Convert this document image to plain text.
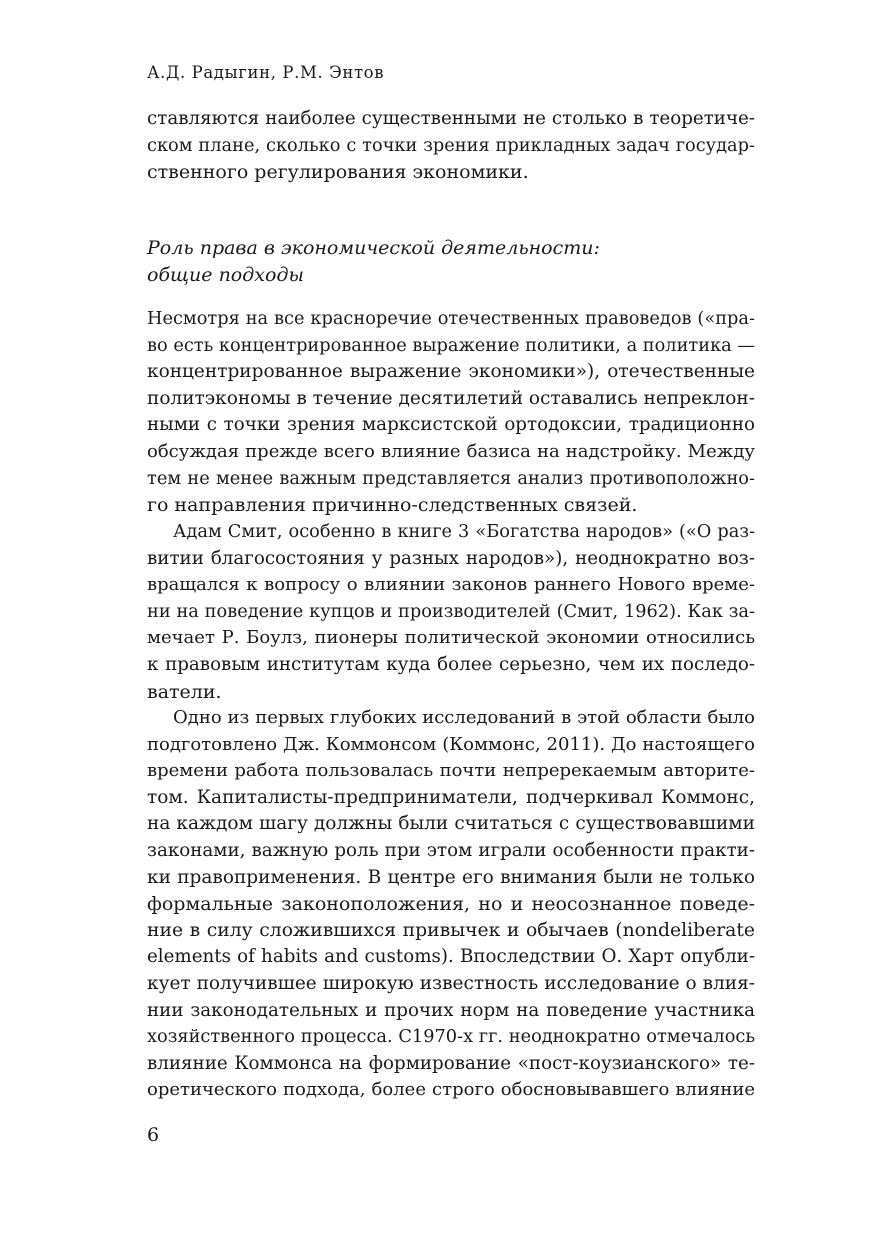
А.Д. Радыгин, Р.М. Энтов
ставляются наиболее существенными не столько в теоретиче-
ском плане, сколько с точки зрения прикладных задач государ-
ственного регулирования экономики.
Роль права в экономической деятельности:
общие подходы
Несмотря на все красноречие отечественных правоведов («пра-
во есть концентрированное выражение политики, а политика —
концентрированное выражение экономики»), отечественные
политэкономы в течение десятилетий оставались непреклон-
ными с точки зрения марксистской ортодоксии, традиционно
обсуждая прежде всего влияние базиса на надстройку. Между
тем не менее важным представляется анализ противоположно-
го направления причинно-следственных связей.
Адам Смит, особенно в книге 3 «Богатства народов» («О раз-
витии благосостояния у разных народов»), неоднократно воз-
вращался к вопросу о влиянии законов раннего Нового време-
ни на поведение купцов и производителей (Смит, 1962). Как за-
мечает Р. Боулз, пионеры политической экономии относились
к правовым институтам куда более серьезно, чем их последо-
ватели.
Одно из первых глубоких исследований в этой области было
подготовлено Дж. Коммонсом (Коммонс, 2011). До настоящего
времени работа пользовалась почти непререкаемым авторите-
том. Капиталисты-предприниматели, подчеркивал Коммонс,
на каждом шагу должны были считаться с существовавшими
законами, важную роль при этом играли особенности практи-
ки правоприменения. В центре его внимания были не только
формальные законоположения, но и неосознанное поведе-
ние в силу сложившихся привычек и обычаев (nondeliberate
elements of habits and customs). Впоследствии О. Харт опубли-
кует получившее широкую известность исследование о влия-
нии законодательных и прочих норм на поведение участника
хозяйственного процесса. С1970-х гг. неоднократно отмечалось
влияние Коммонса на формирование «пост-коузианского» те-
оретического подхода, более строго обосновывавшего влияние
6
